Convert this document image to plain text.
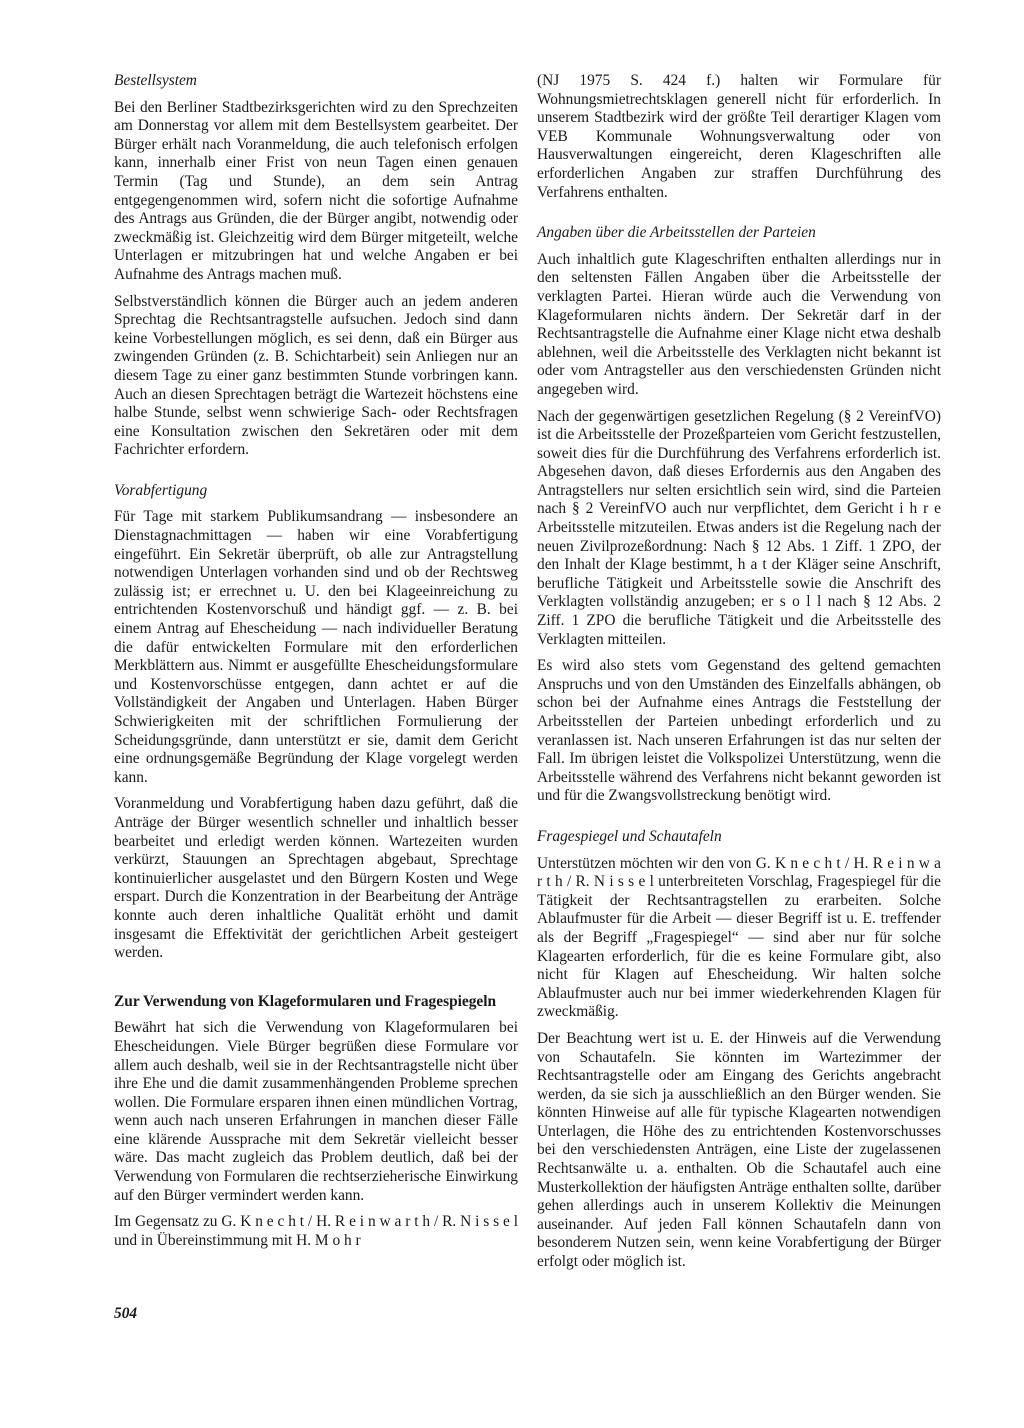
Bestellsystem

Bei den Berliner Stadtbezirksgerichten wird zu den Sprechzeiten am Donnerstag vor allem mit dem Bestellsystem gearbeitet. Der Bürger erhält nach Voranmeldung, die auch telefonisch erfolgen kann, innerhalb einer Frist von neun Tagen einen genauen Termin (Tag und Stunde), an dem sein Antrag entgegengenommen wird, sofern nicht die sofortige Aufnahme des Antrags aus Gründen, die der Bürger angibt, notwendig oder zweckmäßig ist. Gleichzeitig wird dem Bürger mitgeteilt, welche Unterlagen er mitzubringen hat und welche Angaben er bei Aufnahme des Antrags machen muß.

Selbstverständlich können die Bürger auch an jedem anderen Sprechtag die Rechtsantragstelle aufsuchen. Jedoch sind dann keine Vorbestellungen möglich, es sei denn, daß ein Bürger aus zwingenden Gründen (z. B. Schichtarbeit) sein Anliegen nur an diesem Tage zu einer ganz bestimmten Stunde vorbringen kann. Auch an diesen Sprechtagen beträgt die Wartezeit höchstens eine halbe Stunde, selbst wenn schwierige Sach- oder Rechtsfragen eine Konsultation zwischen den Sekretären oder mit dem Fachrichter erfordern.

Vorabfertigung

Für Tage mit starkem Publikumsandrang — insbesondere an Dienstagnachmittagen — haben wir eine Vorabfertigung eingeführt. Ein Sekretär überprüft, ob alle zur Antragstellung notwendigen Unterlagen vorhanden sind und ob der Rechtsweg zulässig ist; er errechnet u. U. den bei Klageeinreichung zu entrichtenden Kostenvorschuß und händigt ggf. — z. B. bei einem Antrag auf Ehescheidung — nach individueller Beratung die dafür entwickelten Formulare mit den erforderlichen Merkblättern aus. Nimmt er ausgefüllte Ehescheidungsformulare und Kostenvorschüsse entgegen, dann achtet er auf die Vollständigkeit der Angaben und Unterlagen. Haben Bürger Schwierigkeiten mit der schriftlichen Formulierung der Scheidungsgründe, dann unterstützt er sie, damit dem Gericht eine ordnungsgemäße Begründung der Klage vorgelegt werden kann.

Voranmeldung und Vorabfertigung haben dazu geführt, daß die Anträge der Bürger wesentlich schneller und inhaltlich besser bearbeitet und erledigt werden können. Wartezeiten wurden verkürzt, Stauungen an Sprechtagen abgebaut, Sprechtage kontinuierlicher ausgelastet und den Bürgern Kosten und Wege erspart. Durch die Konzentration in der Bearbeitung der Anträge konnte auch deren inhaltliche Qualität erhöht und damit insgesamt die Effektivität der gerichtlichen Arbeit gesteigert werden.

Zur Verwendung von Klageformularen und Fragespiegeln

Bewährt hat sich die Verwendung von Klageformularen bei Ehescheidungen. Viele Bürger begrüßen diese Formulare vor allem auch deshalb, weil sie in der Rechtsantragstelle nicht über ihre Ehe und die damit zusammenhängenden Probleme sprechen wollen. Die Formulare ersparen ihnen einen mündlichen Vortrag, wenn auch nach unseren Erfahrungen in manchen dieser Fälle eine klärende Aussprache mit dem Sekretär vielleicht besser wäre. Das macht zugleich das Problem deutlich, daß bei der Verwendung von Formularen die rechtserzieherische Einwirkung auf den Bürger vermindert werden kann.

Im Gegensatz zu G. K n e c h t / H. R e i n w a r t h / R. N i s s e l und in Übereinstimmung mit H. M o h r

(NJ 1975 S. 424 f.) halten wir Formulare für Wohnungsmietrechtsklagen generell nicht für erforderlich. In unserem Stadtbezirk wird der größte Teil derartiger Klagen vom VEB Kommunale Wohnungsverwaltung oder von Hausverwaltungen eingereicht, deren Klageschriften alle erforderlichen Angaben zur straffen Durchführung des Verfahrens enthalten.

Angaben über die Arbeitsstellen der Parteien

Auch inhaltlich gute Klageschriften enthalten allerdings nur in den seltensten Fällen Angaben über die Arbeitsstelle der verklagten Partei. Hieran würde auch die Verwendung von Klageformularen nichts ändern. Der Sekretär darf in der Rechtsantragstelle die Aufnahme einer Klage nicht etwa deshalb ablehnen, weil die Arbeitsstelle des Verklagten nicht bekannt ist oder vom Antragsteller aus den verschiedensten Gründen nicht angegeben wird.

Nach der gegenwärtigen gesetzlichen Regelung (§ 2 VereinfVO) ist die Arbeitsstelle der Prozeßparteien vom Gericht festzustellen, soweit dies für die Durchführung des Verfahrens erforderlich ist. Abgesehen davon, daß dieses Erfordernis aus den Angaben des Antragstellers nur selten ersichtlich sein wird, sind die Parteien nach § 2 VereinfVO auch nur verpflichtet, dem Gericht i h r e Arbeitsstelle mitzuteilen. Etwas anders ist die Regelung nach der neuen Zivilprozeßordnung: Nach § 12 Abs. 1 Ziff. 1 ZPO, der den Inhalt der Klage bestimmt, h a t der Kläger seine Anschrift, berufliche Tätigkeit und Arbeitsstelle sowie die Anschrift des Verklagten vollständig anzugeben; er s o l l nach § 12 Abs. 2 Ziff. 1 ZPO die berufliche Tätigkeit und die Arbeitsstelle des Verklagten mitteilen.

Es wird also stets vom Gegenstand des geltend gemachten Anspruchs und von den Umständen des Einzelfalls abhängen, ob schon bei der Aufnahme eines Antrags die Feststellung der Arbeitsstellen der Parteien unbedingt erforderlich und zu veranlassen ist. Nach unseren Erfahrungen ist das nur selten der Fall. Im übrigen leistet die Volkspolizei Unterstützung, wenn die Arbeitsstelle während des Verfahrens nicht bekannt geworden ist und für die Zwangsvollstreckung benötigt wird.

Fragespiegel und Schautafeln

Unterstützen möchten wir den von G. K n e c h t / H. R e i n w a r t h / R. N i s s e l unterbreiteten Vorschlag, Fragespiegel für die Tätigkeit der Rechtsantragstellen zu erarbeiten. Solche Ablaufmuster für die Arbeit — dieser Begriff ist u. E. treffender als der Begriff „Fragespiegel“ — sind aber nur für solche Klagearten erforderlich, für die es keine Formulare gibt, also nicht für Klagen auf Ehescheidung. Wir halten solche Ablaufmuster auch nur bei immer wiederkehrenden Klagen für zweckmäßig.

Der Beachtung wert ist u. E. der Hinweis auf die Verwendung von Schautafeln. Sie könnten im Wartezimmer der Rechtsantragstelle oder am Eingang des Gerichts angebracht werden, da sie sich ja ausschließlich an den Bürger wenden. Sie könnten Hinweise auf alle für typische Klagearten notwendigen Unterlagen, die Höhe des zu entrichtenden Kostenvorschusses bei den verschiedensten Anträgen, eine Liste der zugelassenen Rechtsanwälte u. a. enthalten. Ob die Schautafel auch eine Musterkollektion der häufigsten Anträge enthalten sollte, darüber gehen allerdings auch in unserem Kollektiv die Meinungen auseinander. Auf jeden Fall können Schautafeln dann von besonderem Nutzen sein, wenn keine Vorabfertigung der Bürger erfolgt oder möglich ist.

504
